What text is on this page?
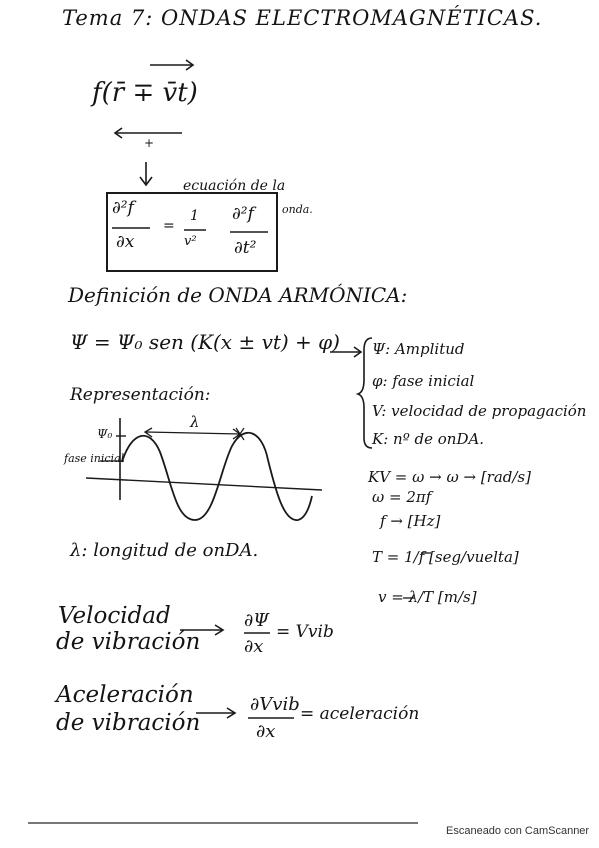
Tema 7: ONDAS ELECTROMAGNÉTICAS.
f(r̄ ∓ v̄t)
+
ecuación de la
onda.
∂²f
∂x
=
1
v²
∂²f
∂t²
Definición de ONDA ARMÓNICA:
Ψ = Ψ₀ sen (K(x ± vt) + φ) Ψ: Amplitud
φ: fase inicial
V: velocidad de propagación
K: nº de onDA.
Representación:
Ψ₀
fase inicial
λ
λ: longitud de onDA.
KV = ω → ω → [rad/s]
ω = 2πf
f → [Hz]
T = 1/f [seg/vuelta]
v = λ/T [m/s]
Velocidad
de vibración
∂Ψ
∂x
= Vvib
Aceleración
de vibración
∂Vvib
∂x
= aceleración
Escaneado con CamScanner
